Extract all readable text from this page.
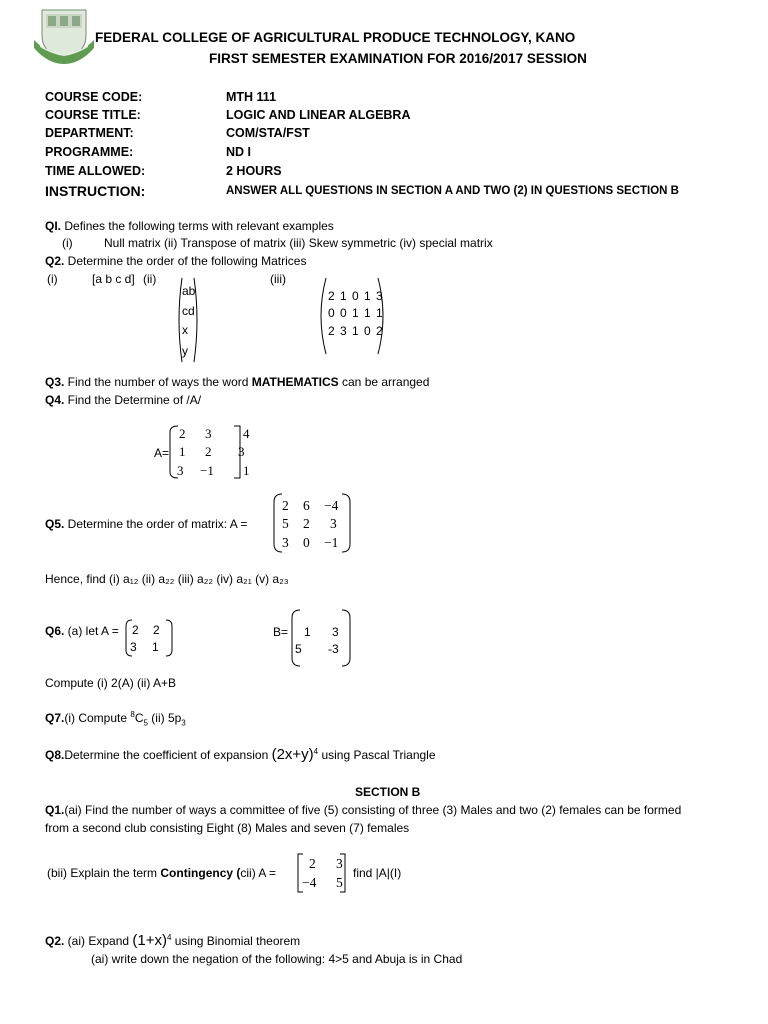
FEDERAL COLLEGE OF AGRICULTURAL PRODUCE TECHNOLOGY, KANO
FIRST SEMESTER EXAMINATION FOR 2016/2017 SESSION
COURSE CODE:	MTH 111
COURSE TITLE:	LOGIC AND LINEAR ALGEBRA
DEPARTMENT:	COM/STA/FST
PROGRAMME:	ND I
TIME ALLOWED:	2 HOURS
INSTRUCTION:	ANSWER ALL QUESTIONS IN SECTION A AND TWO (2) IN QUESTIONS SECTION B
QI. Defines the following terms with relevant examples
(i)	Null matrix (ii) Transpose of matrix (iii) Skew symmetric (iv) special matrix
Q2. Determine the order of the following Matrices
(i)	[a b c d] (ii)	(iii)
ab
cd
x
y
2 1 0 1 3
0 0 1 1 1
2 3 1 0 2
Q3. Find the number of ways the word MATHEMATICS can be arranged
Q4. Find the Determine of /A/
A=
2 3 4
1 2 3
3 −1 1
Q5. Determine the order of matrix: A =
2 6 −4
5 2 3
3 0 −1
Hence, find (i) a₁₂ (ii) a₂₂ (iii) a₂₂ (iv) a₂₁ (v) a₂₃
Q6. (a) let A = 2 2
3 1
B= 1 3
5 -3
Compute (i) 2(A) (ii) A+B
Q7.(i) Compute $^8C_5$ (ii) $5p_3$
Q8.Determine the coefficient of expansion $(2x+y)^4$ using Pascal Triangle
SECTION B
Q1.(ai) Find the number of ways a committee of five (5) consisting of three (3) Males and two (2) females can be formed
from a second club consisting Eight (8) Males and seven (7) females
(bii) Explain the term Contingency (cii) A =
2 3
−4 5
find |A|(I)
Q2. (ai) Expand $(1+x)^4$ using Binomial theorem
(ai) write down the negation of the following: 4>5 and Abuja is in Chad
